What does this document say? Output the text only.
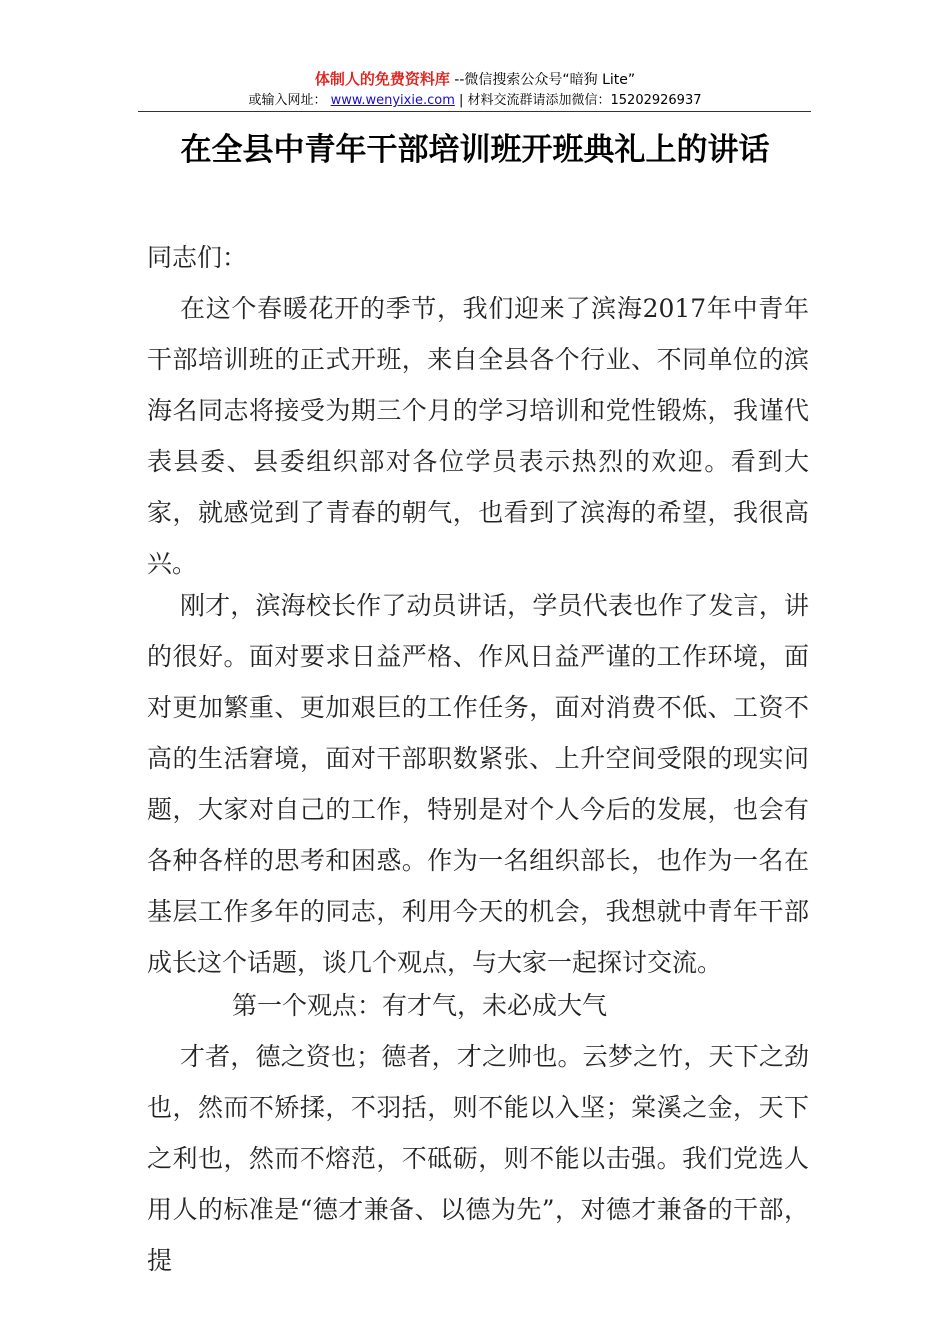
体制人的免费资料库 --微信搜索公众号“暗狗 Lite”
或输入网址： www.wenyixie.com | 材料交流群请添加微信：15202926937
在全县中青年干部培训班开班典礼上的讲话
同志们：

在这个春暖花开的季节，我们迎来了滨海2017年中青年干部培训班的正式开班，来自全县各个行业、不同单位的滨海名同志将接受为期三个月的学习培训和党性锻炼，我谨代表县委、县委组织部对各位学员表示热烈的欢迎。看到大家，就感觉到了青春的朝气，也看到了滨海的希望，我很高兴。

刚才，滨海校长作了动员讲话，学员代表也作了发言，讲的很好。面对要求日益严格、作风日益严谨的工作环境，面对更加繁重、更加艰巨的工作任务，面对消费不低、工资不高的生活窘境，面对干部职数紧张、上升空间受限的现实问题，大家对自己的工作，特别是对个人今后的发展，也会有各种各样的思考和困惑。作为一名组织部长，也作为一名在基层工作多年的同志，利用今天的机会，我想就中青年干部成长这个话题，谈几个观点，与大家一起探讨交流。

第一个观点：有才气，未必成大气

才者，德之资也；德者，才之帅也。云梦之竹，天下之劲也，然而不矫揉，不羽括，则不能以入坚；棠溪之金，天下之利也，然而不熔范，不砥砺，则不能以击强。我们党选人用人的标准是“德才兼备、以德为先”，对德才兼备的干部，提
